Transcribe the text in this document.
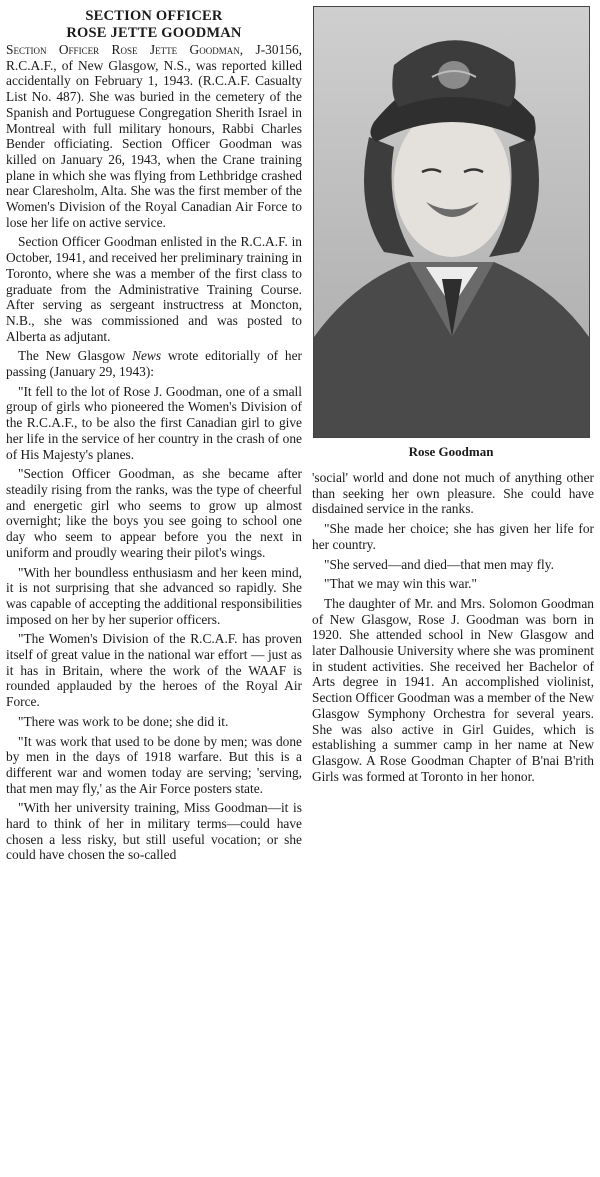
SECTION OFFICER
ROSE JETTE GOODMAN

Section Officer Rose Jette Goodman, J-30156, R.C.A.F., of New Glasgow, N.S., was reported killed accidentally on February 1, 1943. (R.C.A.F. Casualty List No. 487). She was buried in the cemetery of the Spanish and Portuguese Congregation Sherith Israel in Montreal with full military honours, Rabbi Charles Bender officiating. Section Officer Goodman was killed on January 26, 1943, when the Crane training plane in which she was flying from Lethbridge crashed near Claresholm, Alta. She was the first member of the Women's Division of the Royal Canadian Air Force to lose her life on active service.

Section Officer Goodman enlisted in the R.C.A.F. in October, 1941, and received her preliminary training in Toronto, where she was a member of the first class to graduate from the Administrative Training Course. After serving as sergeant instructress at Moncton, N.B., she was commissioned and was posted to Alberta as adjutant.

The New Glasgow News wrote editorially of her passing (January 29, 1943):

"It fell to the lot of Rose J. Goodman, one of a small group of girls who pioneered the Women's Division of the R.C.A.F., to be also the first Canadian girl to give her life in the service of her country in the crash of one of His Majesty's planes.

"Section Officer Goodman, as she became after steadily rising from the ranks, was the type of cheerful and energetic girl who seems to grow up almost overnight; like the boys you see going to school one day who seem to appear before you the next in uniform and proudly wearing their pilot's wings.

"With her boundless enthusiasm and her keen mind, it is not surprising that she advanced so rapidly. She was capable of accepting the additional responsibilities imposed on her by her superior officers.

"The Women's Division of the R.C.A.F. has proven itself of great value in the national war effort — just as it has in Britain, where the work of the WAAF is rounded applauded by the heroes of the Royal Air Force.

"There was work to be done; she did it.

"It was work that used to be done by men; was done by men in the days of 1918 warfare. But this is a different war and women today are serving; 'serving, that men may fly,' as the Air Force posters state.

"With her university training, Miss Goodman—it is hard to think of her in military terms—could have chosen a less risky, but still useful vocation; or she could have chosen the so-called

Rose Goodman

'social' world and done not much of anything other than seeking her own pleasure. She could have disdained service in the ranks.

"She made her choice; she has given her life for her country.

"She served—and died—that men may fly.

"That we may win this war."

The daughter of Mr. and Mrs. Solomon Goodman of New Glasgow, Rose J. Goodman was born in 1920. She attended school in New Glasgow and later Dalhousie University where she was prominent in student activities. She received her Bachelor of Arts degree in 1941. An accomplished violinist, Section Officer Goodman was a member of the New Glasgow Symphony Orchestra for several years. She was also active in Girl Guides, which is establishing a summer camp in her name at New Glasgow. A Rose Goodman Chapter of B'nai B'rith Girls was formed at Toronto in her honor.
